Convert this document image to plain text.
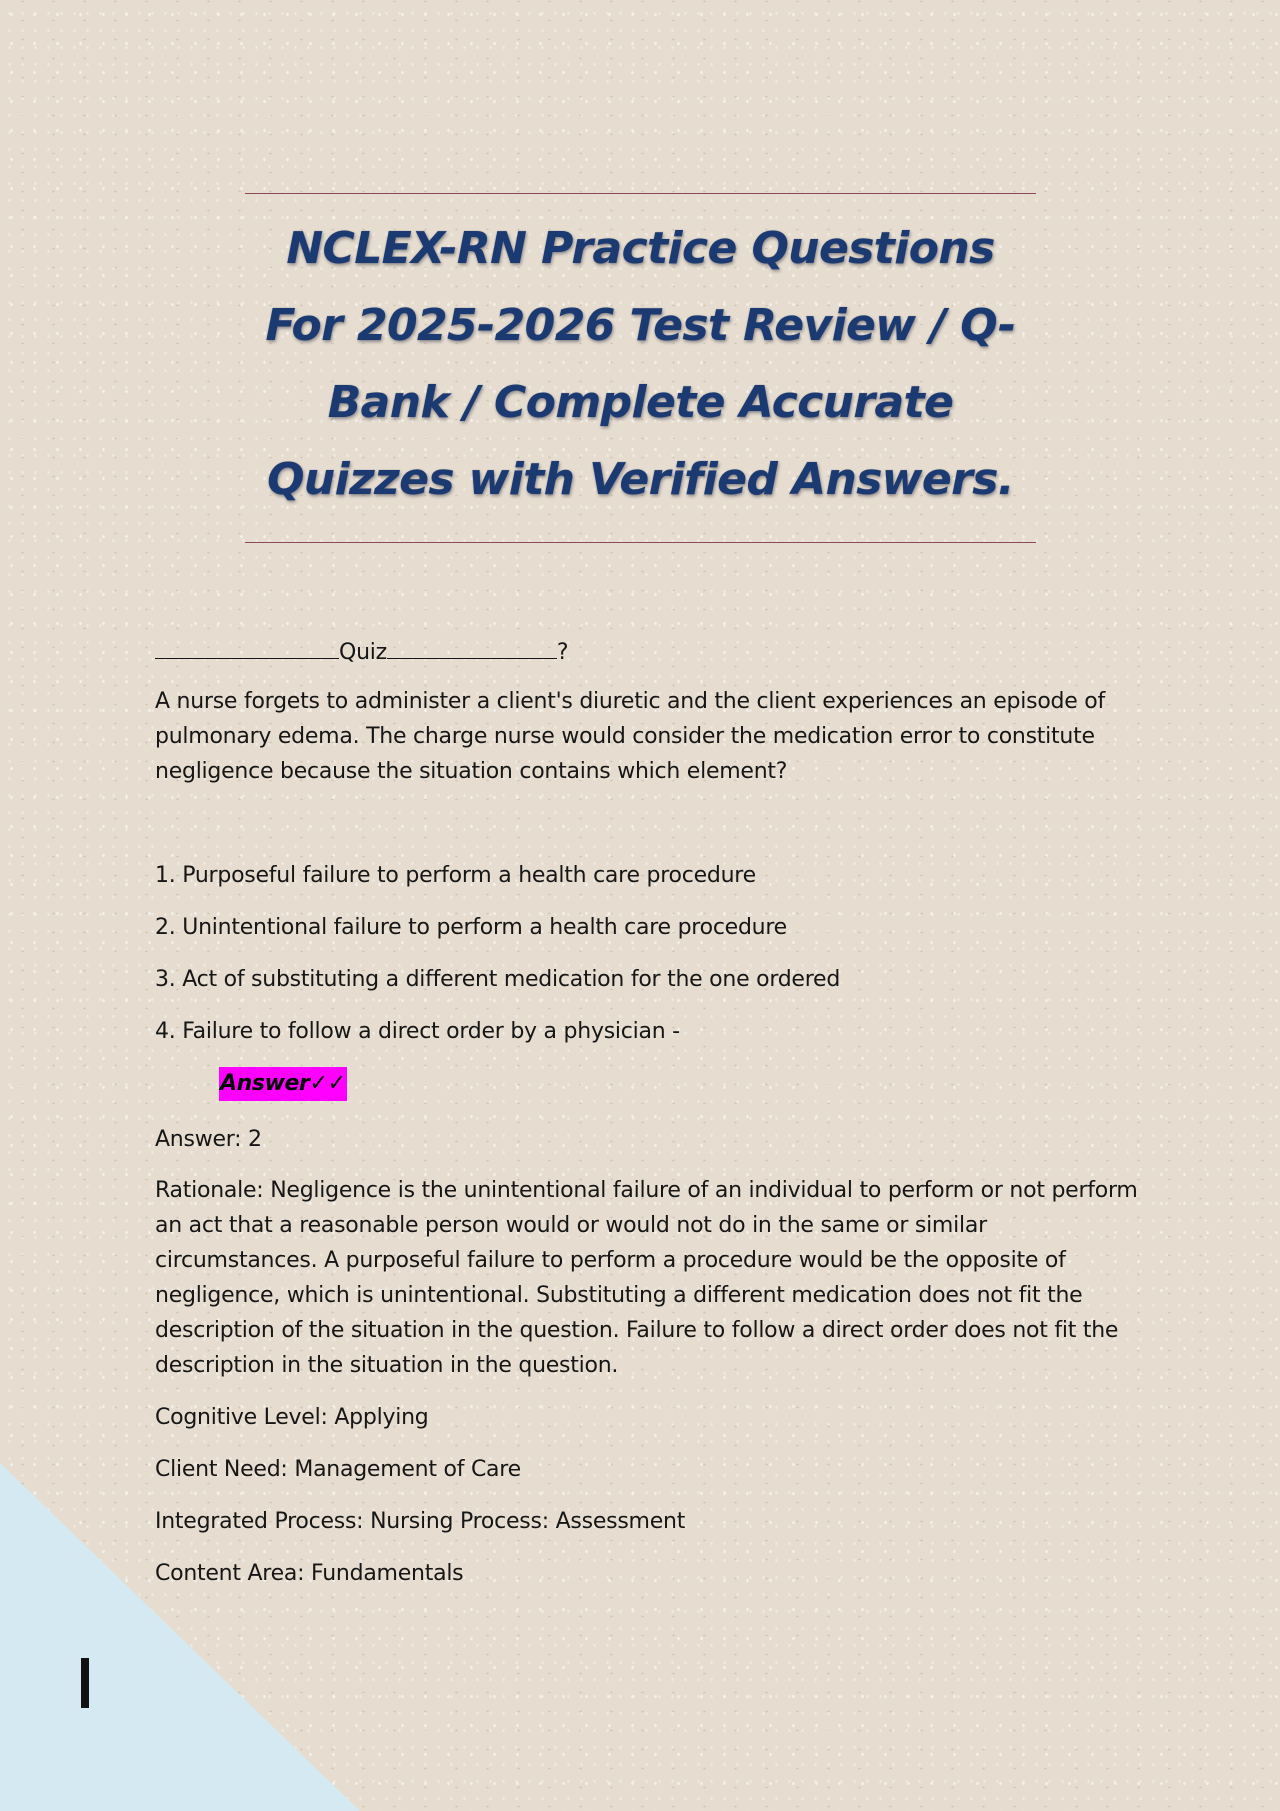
NCLEX-RN Practice Questions For 2025-2026 Test Review / Q-Bank / Complete Accurate Quizzes with Verified Answers.
Quiz	?

A nurse forgets to administer a client's diuretic and the client experiences an episode of pulmonary edema. The charge nurse would consider the medication error to constitute negligence because the situation contains which element?

1. Purposeful failure to perform a health care procedure
2. Unintentional failure to perform a health care procedure
3. Act of substituting a different medication for the one ordered
4. Failure to follow a direct order by a physician -
Answer✓✓
Answer: 2

Rationale: Negligence is the unintentional failure of an individual to perform or not perform an act that a reasonable person would or would not do in the same or similar circumstances. A purposeful failure to perform a procedure would be the opposite of negligence, which is unintentional. Substituting a different medication does not fit the description of the situation in the question. Failure to follow a direct order does not fit the description in the situation in the question.

Cognitive Level: Applying
Client Need: Management of Care
Integrated Process: Nursing Process: Assessment
Content Area: Fundamentals
